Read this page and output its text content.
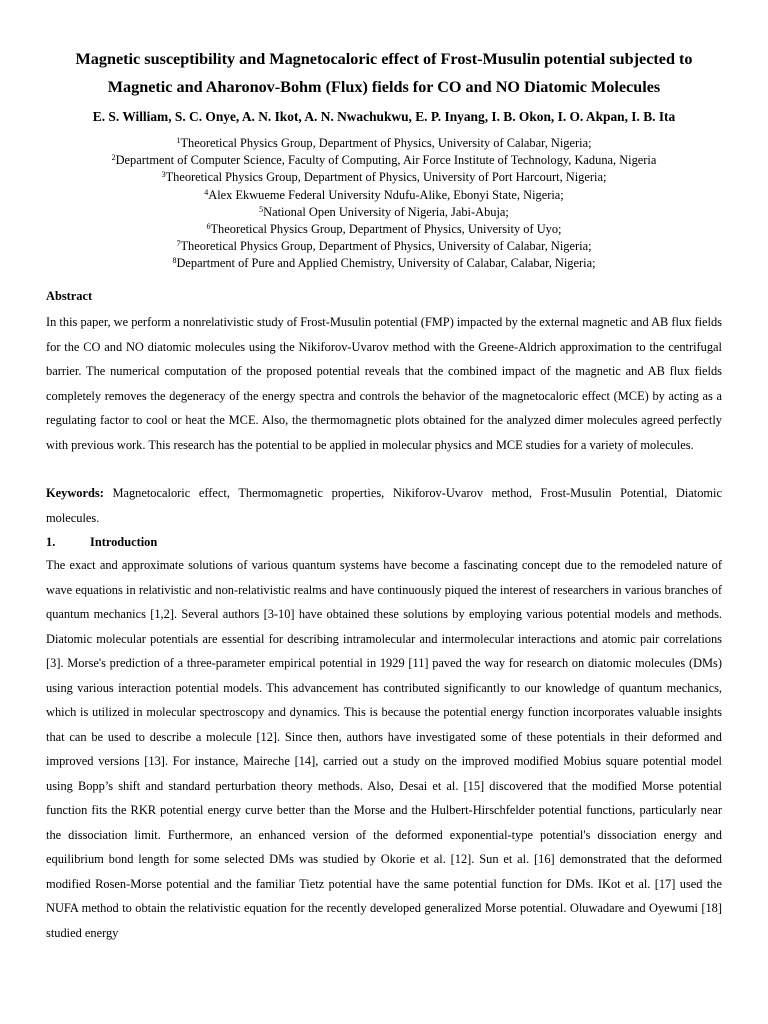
Magnetic susceptibility and Magnetocaloric effect of Frost-Musulin potential subjected to Magnetic and Aharonov-Bohm (Flux) fields for CO and NO Diatomic Molecules
E. S. William, S. C. Onye, A. N. Ikot, A. N. Nwachukwu, E. P. Inyang, I. B. Okon, I. O. Akpan, I. B. Ita
$^1$Theoretical Physics Group, Department of Physics, University of Calabar, Nigeria;
$^2$Department of Computer Science, Faculty of Computing, Air Force Institute of Technology, Kaduna, Nigeria
$^3$Theoretical Physics Group, Department of Physics, University of Port Harcourt, Nigeria;
$^4$Alex Ekwueme Federal University Ndufu-Alike, Ebonyi State, Nigeria;
$^5$National Open University of Nigeria, Jabi-Abuja;
$^6$Theoretical Physics Group, Department of Physics, University of Uyo;
$^7$Theoretical Physics Group, Department of Physics, University of Calabar, Nigeria;
$^8$Department of Pure and Applied Chemistry, University of Calabar, Calabar, Nigeria;
Abstract
In this paper, we perform a nonrelativistic study of Frost-Musulin potential (FMP) impacted by the external magnetic and AB flux fields for the CO and NO diatomic molecules using the Nikiforov-Uvarov method with the Greene-Aldrich approximation to the centrifugal barrier. The numerical computation of the proposed potential reveals that the combined impact of the magnetic and AB flux fields completely removes the degeneracy of the energy spectra and controls the behavior of the magnetocaloric effect (MCE) by acting as a regulating factor to cool or heat the MCE. Also, the thermomagnetic plots obtained for the analyzed dimer molecules agreed perfectly with previous work. This research has the potential to be applied in molecular physics and MCE studies for a variety of molecules.
Keywords: Magnetocaloric effect, Thermomagnetic properties, Nikiforov-Uvarov method, Frost-Musulin Potential, Diatomic molecules.
1.	Introduction
The exact and approximate solutions of various quantum systems have become a fascinating concept due to the remodeled nature of wave equations in relativistic and non-relativistic realms and have continuously piqued the interest of researchers in various branches of quantum mechanics [1,2]. Several authors [3-10] have obtained these solutions by employing various potential models and methods. Diatomic molecular potentials are essential for describing intramolecular and intermolecular interactions and atomic pair correlations [3]. Morse's prediction of a three-parameter empirical potential in 1929 [11] paved the way for research on diatomic molecules (DMs) using various interaction potential models. This advancement has contributed significantly to our knowledge of quantum mechanics, which is utilized in molecular spectroscopy and dynamics. This is because the potential energy function incorporates valuable insights that can be used to describe a molecule [12]. Since then, authors have investigated some of these potentials in their deformed and improved versions [13]. For instance, Maireche [14], carried out a study on the improved modified Mobius square potential model using Bopp’s shift and standard perturbation theory methods. Also, Desai et al. [15] discovered that the modified Morse potential function fits the RKR potential energy curve better than the Morse and the Hulbert-Hirschfelder potential functions, particularly near the dissociation limit. Furthermore, an enhanced version of the deformed exponential-type potential's dissociation energy and equilibrium bond length for some selected DMs was studied by Okorie et al. [12]. Sun et al. [16] demonstrated that the deformed modified Rosen-Morse potential and the familiar Tietz potential have the same potential function for DMs. IKot et al. [17] used the NUFA method to obtain the relativistic equation for the recently developed generalized Morse potential. Oluwadare and Oyewumi [18] studied energy
